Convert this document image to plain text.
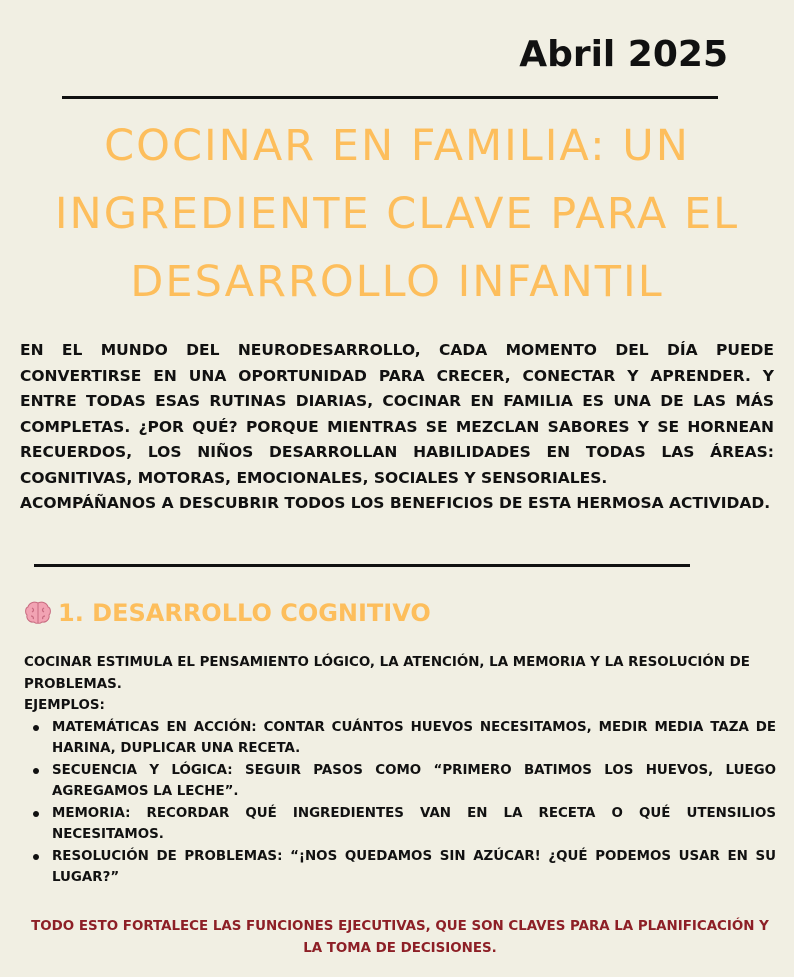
Abril 2025
COCINAR EN FAMILIA: UN INGREDIENTE CLAVE PARA EL DESARROLLO INFANTIL

EN EL MUNDO DEL NEURODESARROLLO, CADA MOMENTO DEL DÍA PUEDE CONVERTIRSE EN UNA OPORTUNIDAD PARA CRECER, CONECTAR Y APRENDER. Y ENTRE TODAS ESAS RUTINAS DIARIAS, COCINAR EN FAMILIA ES UNA DE LAS MÁS COMPLETAS. ¿POR QUÉ? PORQUE MIENTRAS SE MEZCLAN SABORES Y SE HORNEAN RECUERDOS, LOS NIÑOS DESARROLLAN HABILIDADES EN TODAS LAS ÁREAS: COGNITIVAS, MOTORAS, EMOCIONALES, SOCIALES Y SENSORIALES.

ACOMPÁÑANOS A DESCUBRIR TODOS LOS BENEFICIOS DE ESTA HERMOSA ACTIVIDAD.

1. DESARROLLO COGNITIVO

COCINAR ESTIMULA EL PENSAMIENTO LÓGICO, LA ATENCIÓN, LA MEMORIA Y LA RESOLUCIÓN DE PROBLEMAS.

EJEMPLOS:

MATEMÁTICAS EN ACCIÓN: CONTAR CUÁNTOS HUEVOS NECESITAMOS, MEDIR MEDIA TAZA DE HARINA, DUPLICAR UNA RECETA.
SECUENCIA Y LÓGICA: SEGUIR PASOS COMO “PRIMERO BATIMOS LOS HUEVOS, LUEGO AGREGAMOS LA LECHE”.
MEMORIA: RECORDAR QUÉ INGREDIENTES VAN EN LA RECETA O QUÉ UTENSILIOS NECESITAMOS.
RESOLUCIÓN DE PROBLEMAS: “¡NOS QUEDAMOS SIN AZÚCAR! ¿QUÉ PODEMOS USAR EN SU LUGAR?”
TODO ESTO FORTALECE LAS FUNCIONES EJECUTIVAS, QUE SON CLAVES PARA LA PLANIFICACIÓN Y LA TOMA DE DECISIONES.
